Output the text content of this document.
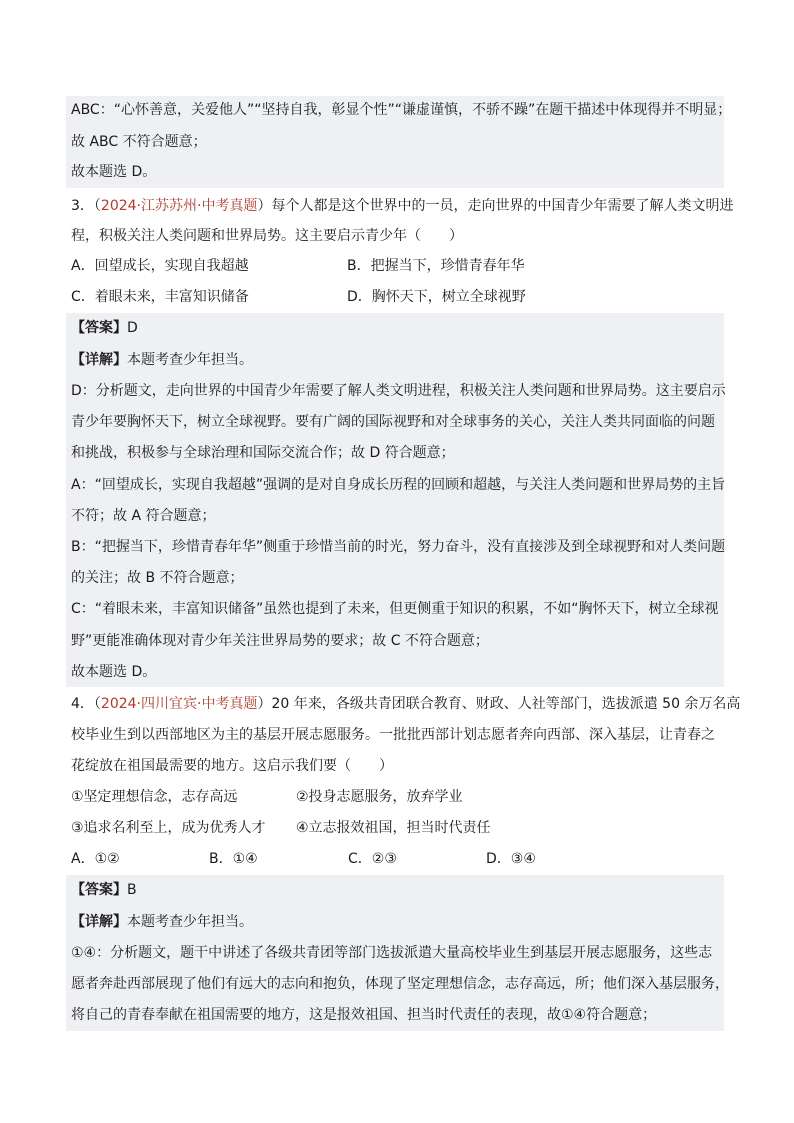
ABC：“心怀善意，关爱他人”“坚持自我，彰显个性”“谦虚谨慎，不骄不躁”在题干描述中体现得并不明显；
故 ABC 不符合题意；
故本题选 D。
3．（2024·江苏苏州·中考真题）每个人都是这个世界中的一员，走向世界的中国青少年需要了解人类文明进
程，积极关注人类问题和世界局势。这主要启示青少年（　　）
A．回望成长，实现自我超越	B．把握当下，珍惜青春年华
C．着眼未来，丰富知识储备	D．胸怀天下，树立全球视野
【答案】D
【详解】本题考查少年担当。
D：分析题文，走向世界的中国青少年需要了解人类文明进程，积极关注人类问题和世界局势。这主要启示
青少年要胸怀天下，树立全球视野。要有广阔的国际视野和对全球事务的关心，关注人类共同面临的问题
和挑战，积极参与全球治理和国际交流合作；故 D 符合题意；
A：“回望成长，实现自我超越”强调的是对自身成长历程的回顾和超越，与关注人类问题和世界局势的主旨
不符；故 A 符合题意；
B：“把握当下，珍惜青春年华”侧重于珍惜当前的时光，努力奋斗，没有直接涉及到全球视野和对人类问题
的关注；故 B 不符合题意；
C：“着眼未来，丰富知识储备”虽然也提到了未来，但更侧重于知识的积累，不如“胸怀天下，树立全球视
野”更能准确体现对青少年关注世界局势的要求；故 C 不符合题意；
故本题选 D。
4．（2024·四川宜宾·中考真题）20 年来，各级共青团联合教育、财政、人社等部门，选拔派遣 50 余万名高
校毕业生到以西部地区为主的基层开展志愿服务。一批批西部计划志愿者奔向西部、深入基层，让青春之
花绽放在祖国最需要的地方。这启示我们要（　　）
①坚定理想信念，志存高远	②投身志愿服务，放弃学业
③追求名利至上，成为优秀人才 ④立志报效祖国，担当时代责任
A．①②	B．①④	C．②③	D．③④
【答案】B
【详解】本题考查少年担当。
①④：分析题文，题干中讲述了各级共青团等部门选拔派遣大量高校毕业生到基层开展志愿服务，这些志
愿者奔赴西部展现了他们有远大的志向和抱负，体现了坚定理想信念，志存高远，所；他们深入基层服务，
将自己的青春奉献在祖国需要的地方，这是报效祖国、担当时代责任的表现，故①④符合题意；
